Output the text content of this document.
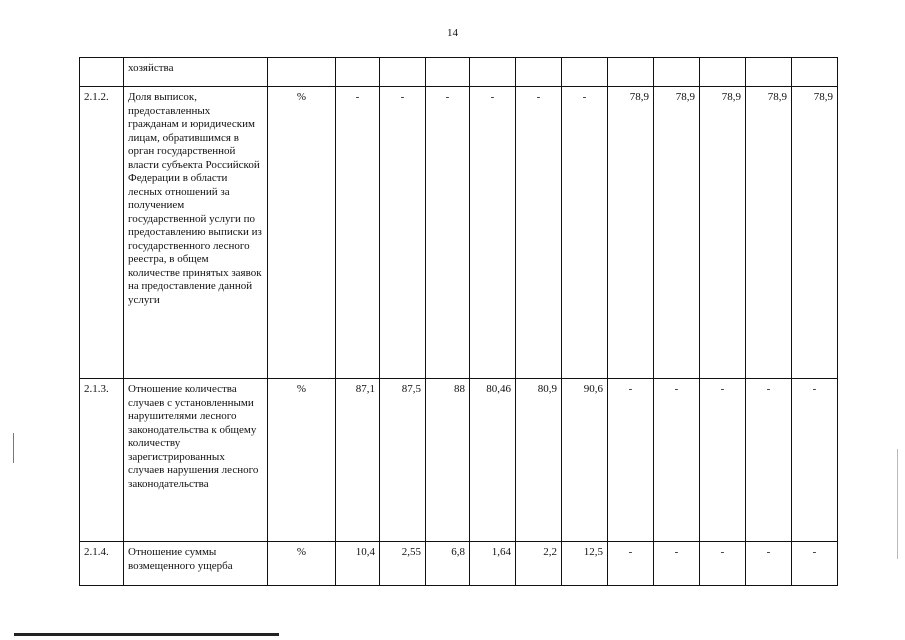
14
	хозяйства												
2.1.2.	Доля выписок, предоставленных гражданам и юридическим лицам, обратившимся в орган государственной власти субъекта Российской Федерации в области лесных отношений за получением государственной услуги по предоставлению выписки из государственного лесного реестра, в общем количестве принятых заявок на предоставление данной услуги	%	-	-	-	-	-	-	78,9	78,9	78,9	78,9	78,9
2.1.3.	Отношение количества случаев с установленными нарушителями лесного законодательства к общему количеству зарегистрированных случаев нарушения лесного законодательства	%	87,1	87,5	88	80,46	80,9	90,6	-	-	-	-	-
2.1.4.	Отношение суммы возмещенного ущерба	%	10,4	2,55	6,8	1,64	2,2	12,5	-	-	-	-	-
